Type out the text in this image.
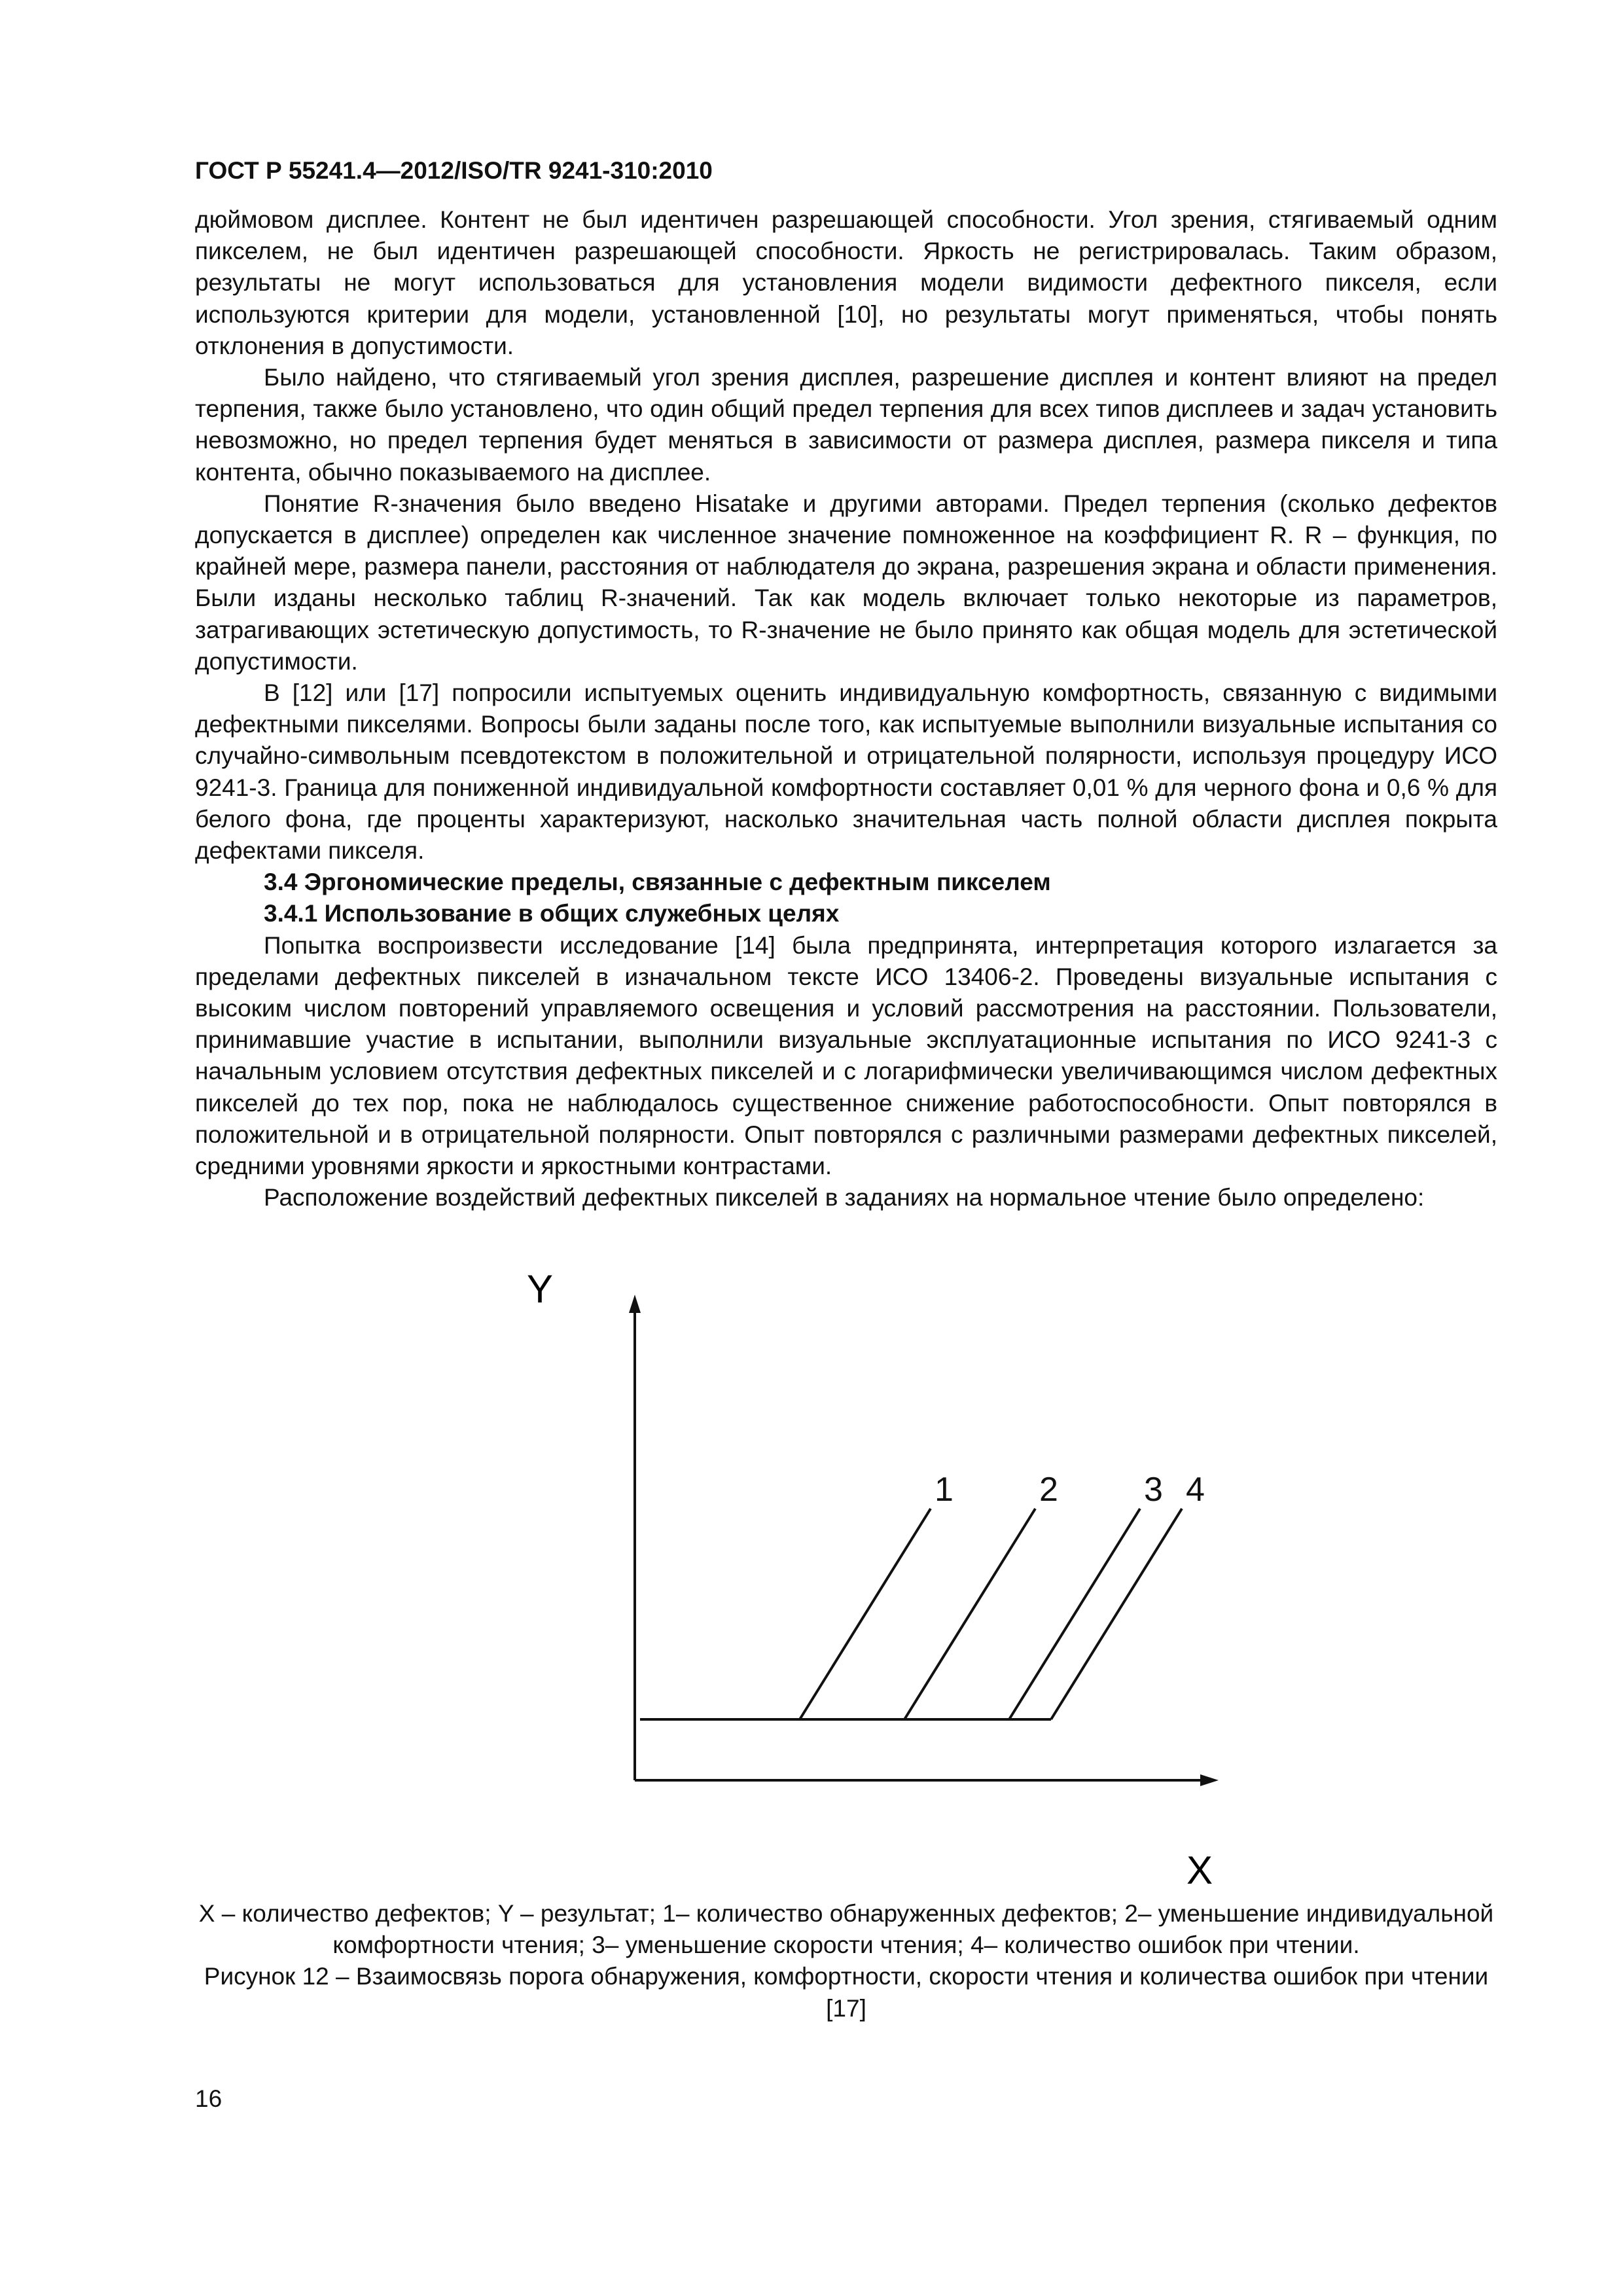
ГОСТ Р 55241.4—2012/ISO/TR 9241-310:2010

дюймовом дисплее. Контент не был идентичен разрешающей способности. Угол зрения, стягиваемый одним пикселем, не был идентичен разрешающей способности. Яркость не регистрировалась. Таким образом, результаты не могут использоваться для установления модели видимости дефектного пикселя, если используются критерии для модели, установленной [10], но результаты могут применяться, чтобы понять отклонения в допустимости.

Было найдено, что стягиваемый угол зрения дисплея, разрешение дисплея и контент влияют на предел терпения, также было установлено, что один общий предел терпения для всех типов дисплеев и задач установить невозможно, но предел терпения будет меняться в зависимости от размера дисплея, размера пикселя и типа контента, обычно показываемого на дисплее.

Понятие R-значения было введено Hisatake и другими авторами. Предел терпения (сколько дефектов допускается в дисплее) определен как численное значение помноженное на коэффициент R. R – функция, по крайней мере, размера панели, расстояния от наблюдателя до экрана, разрешения экрана и области применения. Были изданы несколько таблиц R-значений. Так как модель включает только некоторые из параметров, затрагивающих эстетическую допустимость, то R-значение не было принято как общая модель для эстетической допустимости.

В [12] или [17] попросили испытуемых оценить индивидуальную комфортность, связанную с видимыми дефектными пикселями. Вопросы были заданы после того, как испытуемые выполнили визуальные испытания со случайно-символьным псевдотекстом в положительной и отрицательной полярности, используя процедуру ИСО 9241-3. Граница для пониженной индивидуальной комфортности составляет 0,01 % для черного фона и 0,6 % для белого фона, где проценты характеризуют, насколько значительная часть полной области дисплея покрыта дефектами пикселя.

3.4 Эргономические пределы, связанные с дефектным пикселем
3.4.1 Использование в общих служебных целях

Попытка воспроизвести исследование [14] была предпринята, интерпретация которого излагается за пределами дефектных пикселей в изначальном тексте ИСО 13406-2. Проведены визуальные испытания с высоким числом повторений управляемого освещения и условий рассмотрения на расстоянии. Пользователи, принимавшие участие в испытании, выполнили визуальные эксплуатационные испытания по ИСО 9241-3 с начальным условием отсутствия дефектных пикселей и с логарифмически увеличивающимся числом дефектных пикселей до тех пор, пока не наблюдалось существенное снижение работоспособности. Опыт повторялся в положительной и в отрицательной полярности. Опыт повторялся с различными размерами дефектных пикселей, средними уровнями яркости и яркостными контрастами.

Расположение воздействий дефектных пикселей в заданиях на нормальное чтение было определено:

Y
X
1	2	3 4

X – количество дефектов; Y – результат; 1– количество обнаруженных дефектов; 2– уменьшение индивидуальной комфортности чтения; 3– уменьшение скорости чтения; 4– количество ошибок при чтении.

Рисунок 12 – Взаимосвязь порога обнаружения, комфортности, скорости чтения и количества ошибок при чтении [17]

16
